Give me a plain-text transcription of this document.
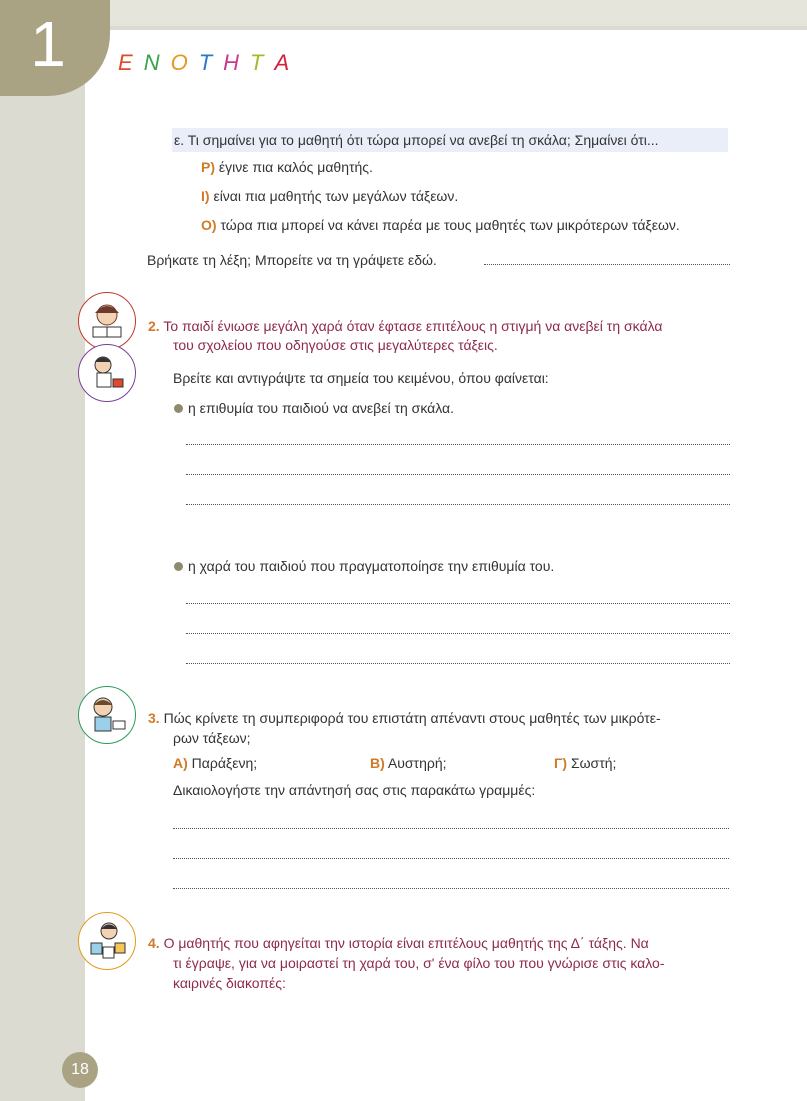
1	ΕΝΟΤΗΤΑ
ε. Τι σημαίνει για το μαθητή ότι τώρα μπορεί να ανεβεί τη σκάλα; Σημαίνει ότι...
Ρ) έγινε πια καλός μαθητής.
Ι) είναι πια μαθητής των μεγάλων τάξεων.
Ο) τώρα πια μπορεί να κάνει παρέα με τους μαθητές των μικρότερων τάξεων.
Βρήκατε τη λέξη; Μπορείτε να τη γράψετε εδώ.
2. Το παιδί ένιωσε μεγάλη χαρά όταν έφτασε επιτέλους η στιγμή να ανεβεί τη σκάλα
του σχολείου που οδηγούσε στις μεγαλύτερες τάξεις.
Βρείτε και αντιγράψτε τα σημεία του κειμένου, όπου φαίνεται:
η επιθυμία του παιδιού να ανεβεί τη σκάλα.
η χαρά του παιδιού που πραγματοποίησε την επιθυμία του.
3. Πώς κρίνετε τη συμπεριφορά του επιστάτη απέναντι στους μαθητές των μικρότε-
ρων τάξεων;
Α) Παράξενη;	Β) Αυστηρή;	Γ) Σωστή;
Δικαιολογήστε την απάντησή σας στις παρακάτω γραμμές:
4. Ο μαθητής που αφηγείται την ιστορία είναι επιτέλους μαθητής της Δ΄ τάξης. Να
τι έγραψε, για να μοιραστεί τη χαρά του, σ' ένα φίλο του που γνώρισε στις καλο-
καιρινές διακοπές:
18
